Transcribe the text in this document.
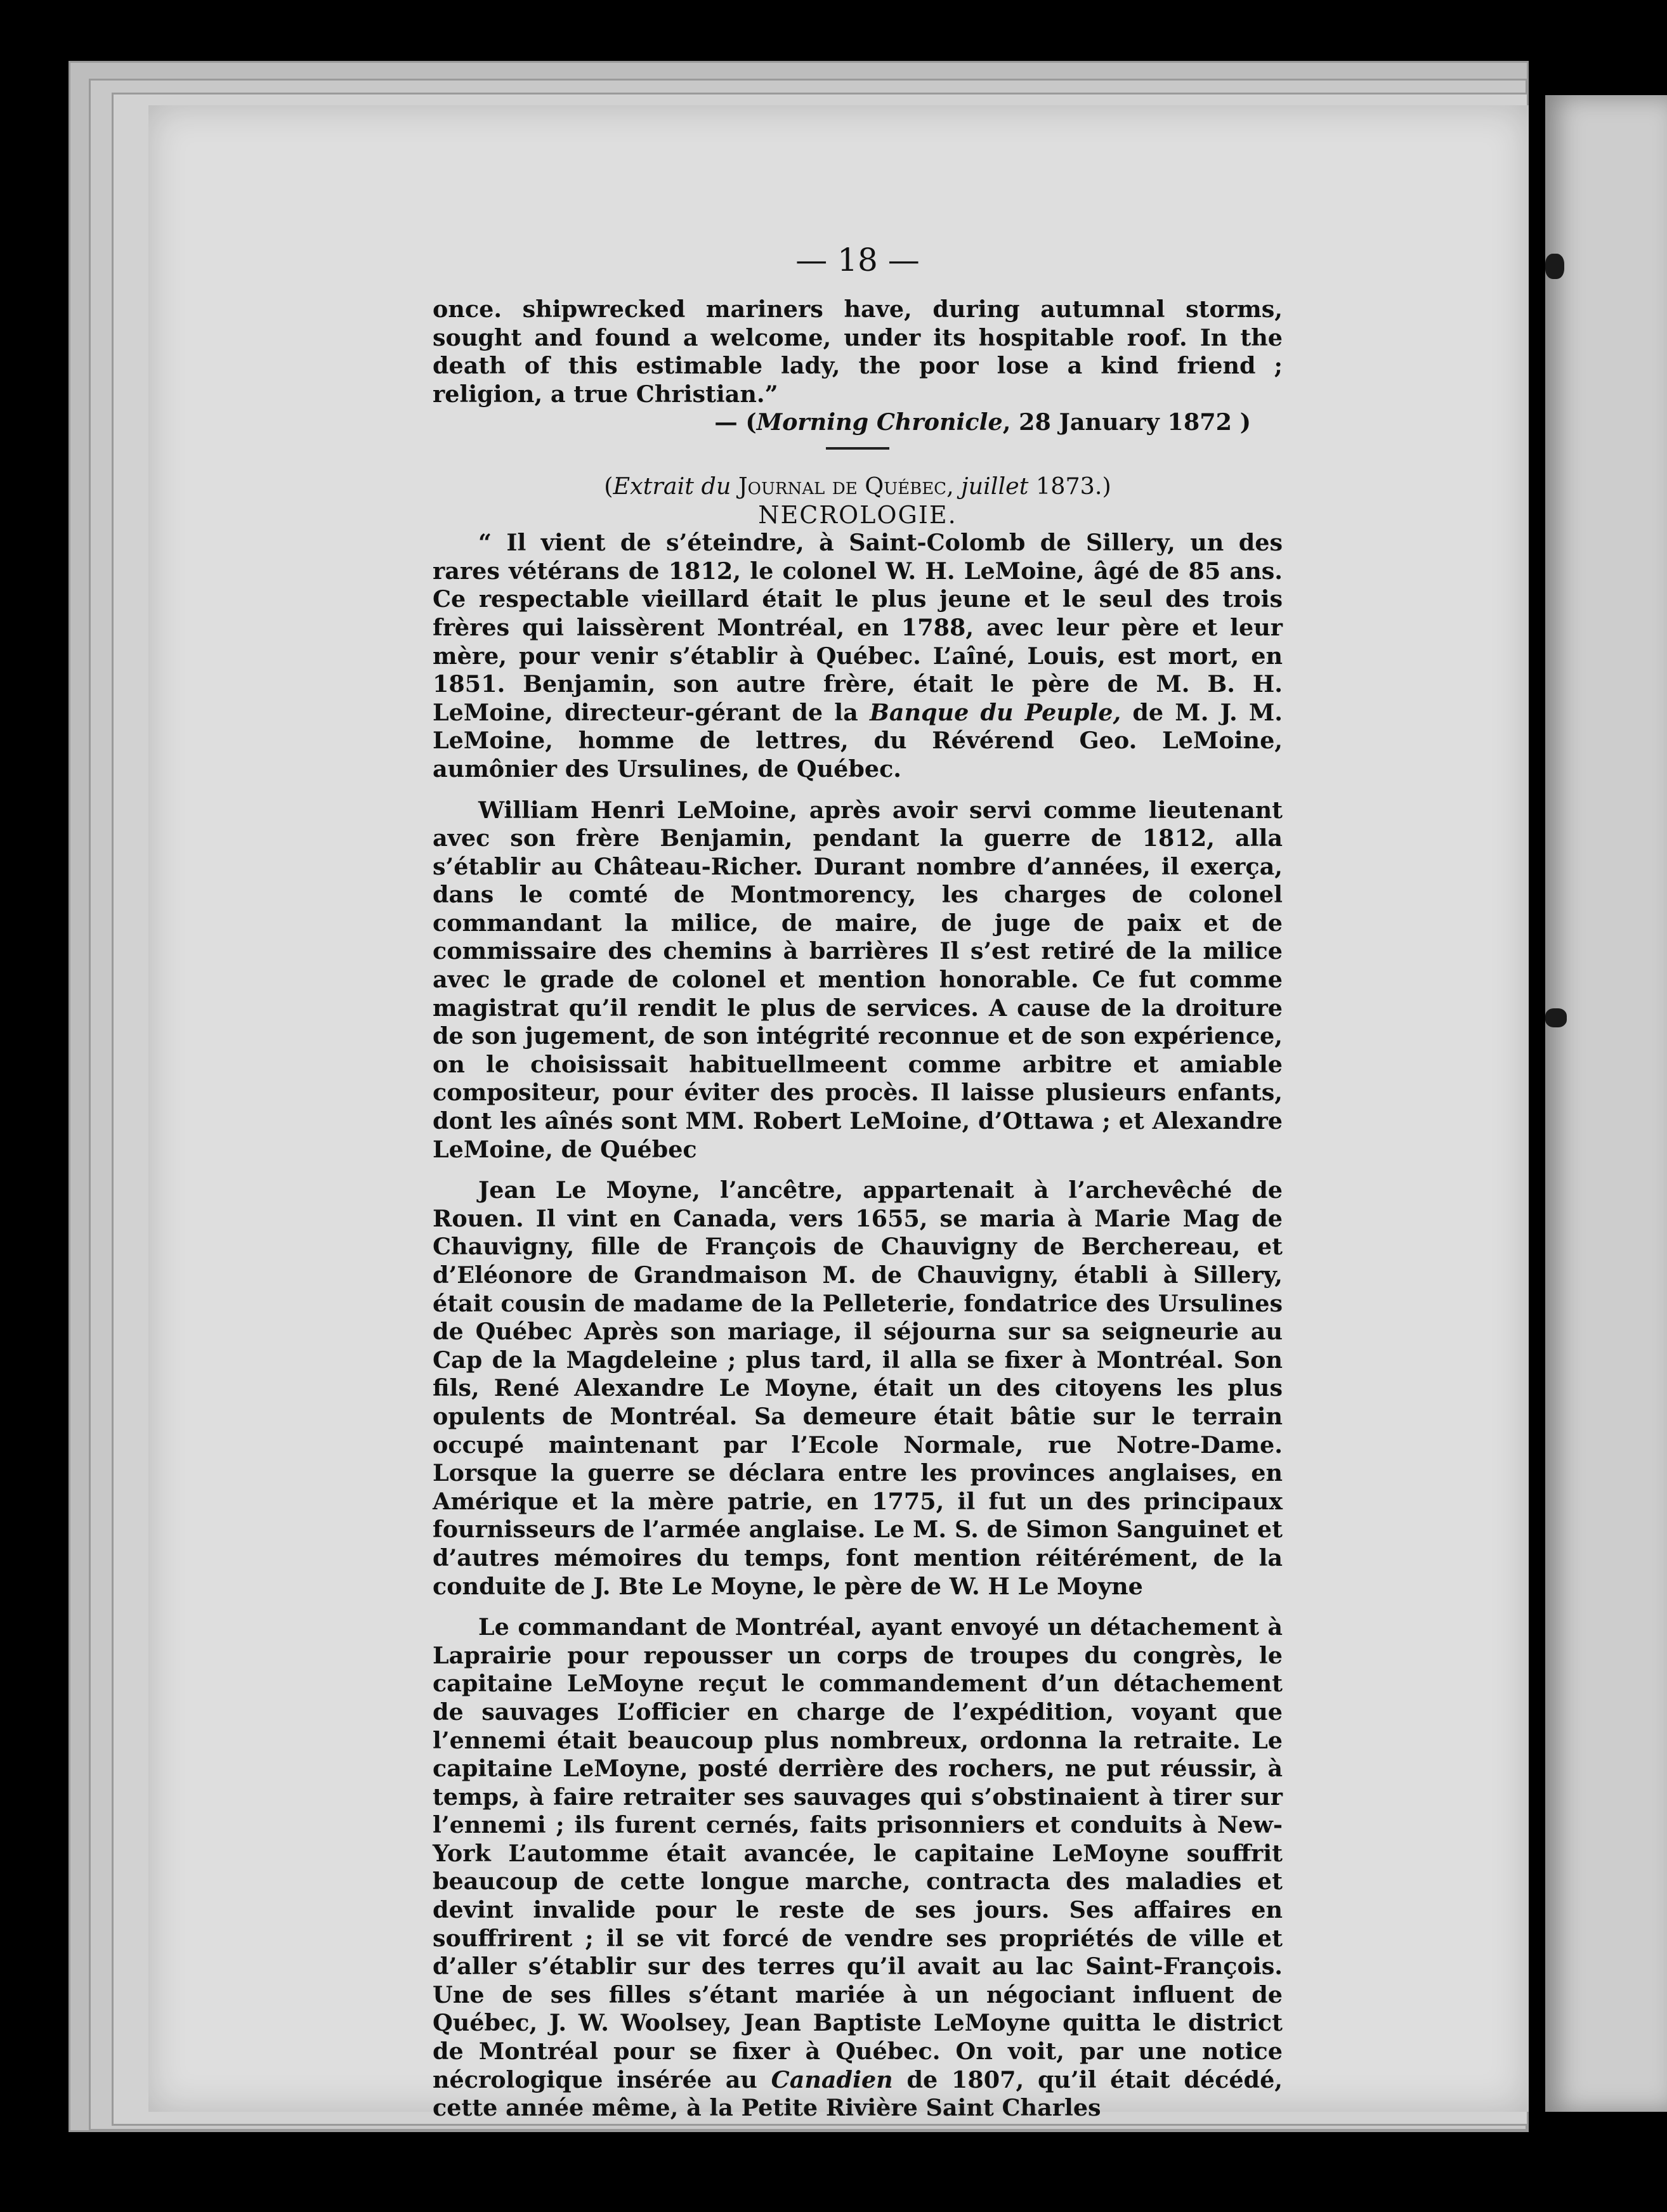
— 18 —

once. shipwrecked mariners have, during autumnal storms, sought and found a welcome, under its hospitable roof. In the death of this estimable lady, the poor lose a kind friend ; religion, a true Christian.”

— (Morning Chronicle, 28 January 1872 )

(Extrait du Journal de Québec, juillet 1873.)

NECROLOGIE.

“ Il vient de s’éteindre, à Saint-Colomb de Sillery, un des rares vétérans de 1812, le colonel W. H. LeMoine, âgé de 85 ans. Ce respectable vieillard était le plus jeune et le seul des trois frères qui laissèrent Montréal, en 1788, avec leur père et leur mère, pour venir s’établir à Québec. L’aîné, Louis, est mort, en 1851. Benjamin, son autre frère, était le père de M. B. H. LeMoine, directeur-gérant de la Banque du Peuple, de M. J. M. LeMoine, homme de lettres, du Révérend Geo. LeMoine, aumônier des Ursulines, de Québec.

William Henri LeMoine, après avoir servi comme lieutenant avec son frère Benjamin, pendant la guerre de 1812, alla s’établir au Château-Richer. Durant nombre d’années, il exerça, dans le comté de Montmorency, les charges de colonel commandant la milice, de maire, de juge de paix et de commissaire des chemins à barrières Il s’est retiré de la milice avec le grade de colonel et mention honorable. Ce fut comme magistrat qu’il rendit le plus de services. A cause de la droiture de son jugement, de son intégrité reconnue et de son expérience, on le choisissait habituellmeent comme arbitre et amiable compositeur, pour éviter des procès. Il laisse plusieurs enfants, dont les aînés sont MM. Robert LeMoine, d’Ottawa ; et Alexandre LeMoine, de Québec

Jean Le Moyne, l’ancêtre, appartenait à l’archevêché de Rouen. Il vint en Canada, vers 1655, se maria à Marie Mag de Chauvigny, fille de François de Chauvigny de Berchereau, et d’Eléonore de Grandmaison M. de Chauvigny, établi à Sillery, était cousin de madame de la Pelleterie, fondatrice des Ursulines de Québec Après son mariage, il séjourna sur sa seigneurie au Cap de la Magdeleine ; plus tard, il alla se fixer à Montréal. Son fils, René Alexandre Le Moyne, était un des citoyens les plus opulents de Montréal. Sa demeure était bâtie sur le terrain occupé maintenant par l’Ecole Normale, rue Notre-Dame. Lorsque la guerre se déclara entre les provinces anglaises, en Amérique et la mère patrie, en 1775, il fut un des principaux fournisseurs de l’armée anglaise. Le M. S. de Simon Sanguinet et d’autres mémoires du temps, font mention réitérément, de la conduite de J. Bte Le Moyne, le père de W. H Le Moyne

Le commandant de Montréal, ayant envoyé un détachement à Laprairie pour repousser un corps de troupes du congrès, le capitaine LeMoyne reçut le commandement d’un détachement de sauvages L’officier en charge de l’expédition, voyant que l’ennemi était beaucoup plus nombreux, ordonna la retraite. Le capitaine LeMoyne, posté derrière des rochers, ne put réussir, à temps, à faire retraiter ses sauvages qui s’obstinaient à tirer sur l’ennemi ; ils furent cernés, faits prisonniers et conduits à New-York L’automme était avancée, le capitaine LeMoyne souffrit beaucoup de cette longue marche, contracta des maladies et devint invalide pour le reste de ses jours. Ses affaires en souffrirent ; il se vit forcé de vendre ses propriétés de ville et d’aller s’établir sur des terres qu’il avait au lac Saint-François. Une de ses filles s’étant mariée à un négociant influent de Québec, J. W. Woolsey, Jean Baptiste LeMoyne quitta le district de Montréal pour se fixer à Québec. On voit, par une notice nécrologique insérée au Canadien de 1807, qu’il était décédé, cette année même, à la Petite Rivière Saint Charles
